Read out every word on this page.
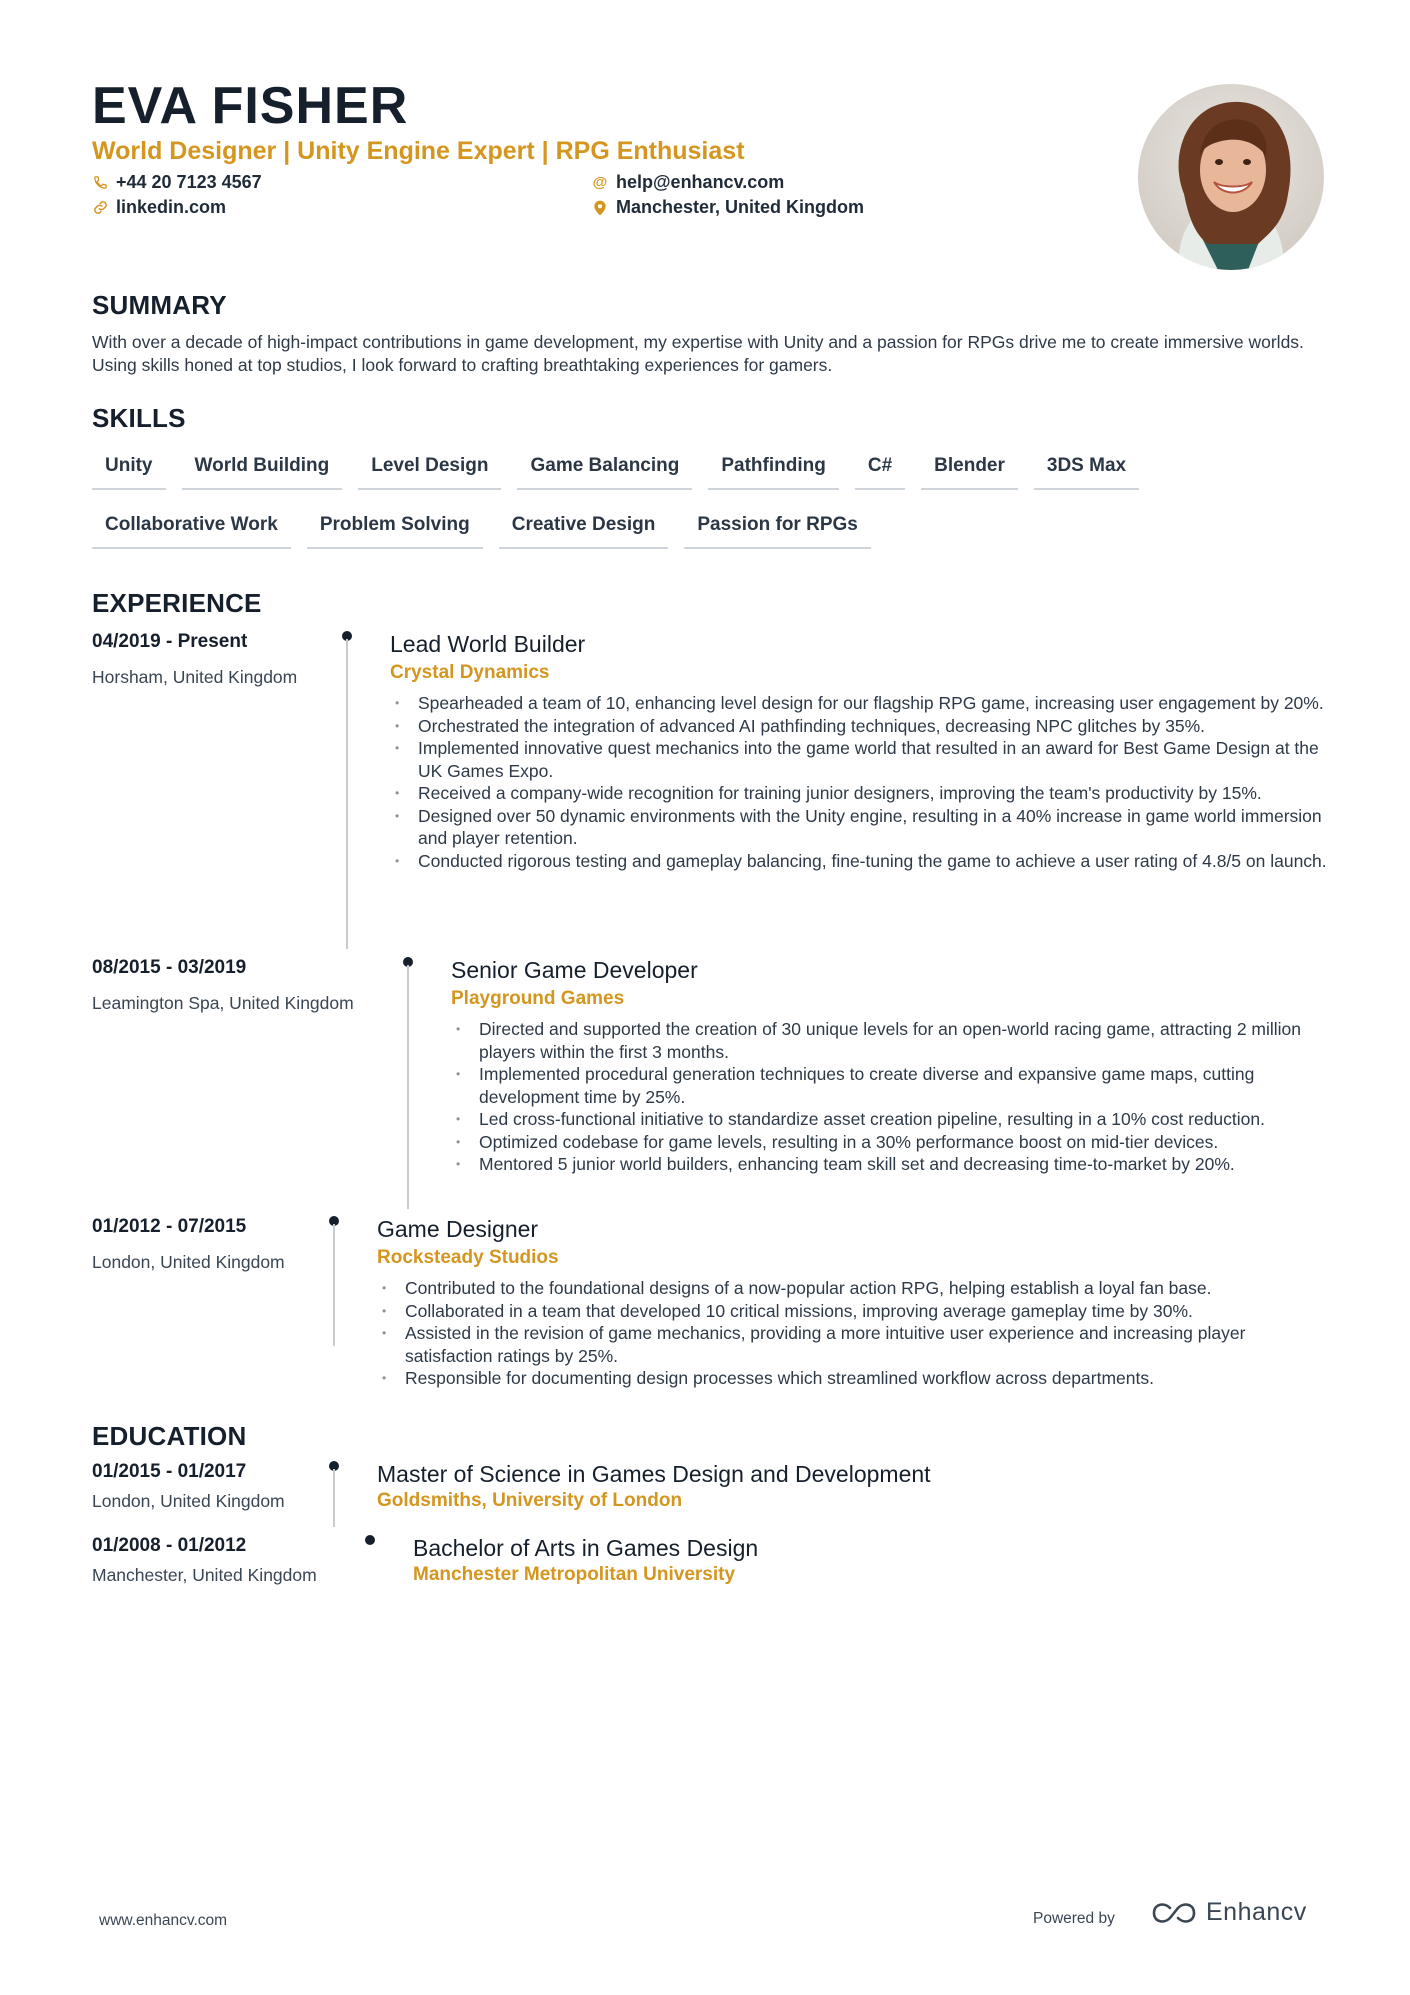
EVA FISHER
World Designer | Unity Engine Expert | RPG Enthusiast
+44 20 7123 4567	@ help@enhancv.com
linkedin.com	Manchester, United Kingdom
SUMMARY
With over a decade of high-impact contributions in game development, my expertise with Unity and a passion for RPGs drive me to create immersive worlds. Using skills honed at top studios, I look forward to crafting breathtaking experiences for gamers.
SKILLS
Unity	World Building	Level Design	Game Balancing	Pathfinding	C#	Blender	3DS Max
Collaborative Work	Problem Solving	Creative Design	Passion for RPGs
EXPERIENCE
04/2019 - Present
Horsham, United Kingdom
Lead World Builder
Crystal Dynamics
• Spearheaded a team of 10, enhancing level design for our flagship RPG game, increasing user engagement by 20%.
• Orchestrated the integration of advanced AI pathfinding techniques, decreasing NPC glitches by 35%.
• Implemented innovative quest mechanics into the game world that resulted in an award for Best Game Design at the UK Games Expo.
• Received a company-wide recognition for training junior designers, improving the team's productivity by 15%.
• Designed over 50 dynamic environments with the Unity engine, resulting in a 40% increase in game world immersion and player retention.
• Conducted rigorous testing and gameplay balancing, fine-tuning the game to achieve a user rating of 4.8/5 on launch.
08/2015 - 03/2019
Leamington Spa, United Kingdom
Senior Game Developer
Playground Games
• Directed and supported the creation of 30 unique levels for an open-world racing game, attracting 2 million players within the first 3 months.
• Implemented procedural generation techniques to create diverse and expansive game maps, cutting development time by 25%.
• Led cross-functional initiative to standardize asset creation pipeline, resulting in a 10% cost reduction.
• Optimized codebase for game levels, resulting in a 30% performance boost on mid-tier devices.
• Mentored 5 junior world builders, enhancing team skill set and decreasing time-to-market by 20%.
01/2012 - 07/2015
London, United Kingdom
Game Designer
Rocksteady Studios
• Contributed to the foundational designs of a now-popular action RPG, helping establish a loyal fan base.
• Collaborated in a team that developed 10 critical missions, improving average gameplay time by 30%.
• Assisted in the revision of game mechanics, providing a more intuitive user experience and increasing player satisfaction ratings by 25%.
• Responsible for documenting design processes which streamlined workflow across departments.
EDUCATION
01/2015 - 01/2017
London, United Kingdom
Master of Science in Games Design and Development
Goldsmiths, University of London
01/2008 - 01/2012
Manchester, United Kingdom
Bachelor of Arts in Games Design
Manchester Metropolitan University
www.enhancv.com	Powered by	Enhancv
